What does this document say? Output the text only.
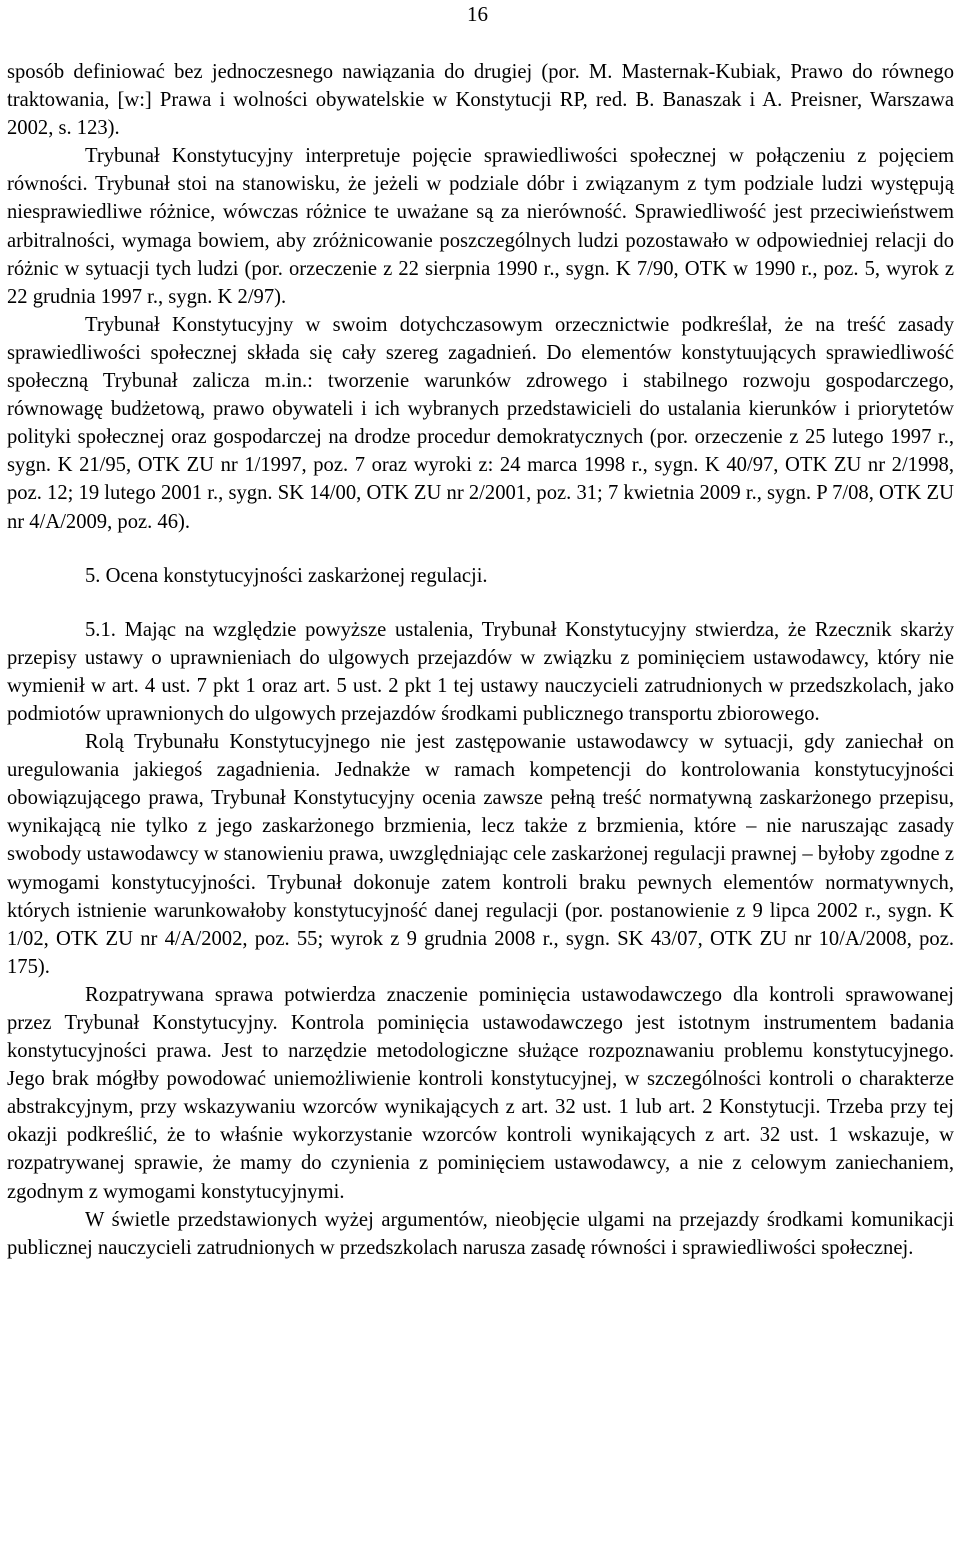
16

sposób definiować bez jednoczesnego nawiązania do drugiej (por. M. Masternak-Kubiak, Prawo do równego traktowania, [w:] Prawa i wolności obywatelskie w Konstytucji RP, red. B. Banaszak i A. Preisner, Warszawa 2002, s. 123).

Trybunał Konstytucyjny interpretuje pojęcie sprawiedliwości społecznej w połączeniu z pojęciem równości. Trybunał stoi na stanowisku, że jeżeli w podziale dóbr i związanym z tym podziale ludzi występują niesprawiedliwe różnice, wówczas różnice te uważane są za nierówność. Sprawiedliwość jest przeciwieństwem arbitralności, wymaga bowiem, aby zróżnicowanie poszczególnych ludzi pozostawało w odpowiedniej relacji do różnic w sytuacji tych ludzi (por. orzeczenie z 22 sierpnia 1990 r., sygn. K 7/90, OTK w 1990 r., poz. 5, wyrok z 22 grudnia 1997 r., sygn. K 2/97).

Trybunał Konstytucyjny w swoim dotychczasowym orzecznictwie podkreślał, że na treść zasady sprawiedliwości społecznej składa się cały szereg zagadnień. Do elementów konstytuujących sprawiedliwość społeczną Trybunał zalicza m.in.: tworzenie warunków zdrowego i stabilnego rozwoju gospodarczego, równowagę budżetową, prawo obywateli i ich wybranych przedstawicieli do ustalania kierunków i priorytetów polityki społecznej oraz gospodarczej na drodze procedur demokratycznych (por. orzeczenie z 25 lutego 1997 r., sygn. K 21/95, OTK ZU nr 1/1997, poz. 7 oraz wyroki z: 24 marca 1998 r., sygn. K 40/97, OTK ZU nr 2/1998, poz. 12; 19 lutego 2001 r., sygn. SK 14/00, OTK ZU nr 2/2001, poz. 31; 7 kwietnia 2009 r., sygn. P 7/08, OTK ZU nr 4/A/2009, poz. 46).

5. Ocena konstytucyjności zaskarżonej regulacji.

5.1. Mając na względzie powyższe ustalenia, Trybunał Konstytucyjny stwierdza, że Rzecznik skarży przepisy ustawy o uprawnieniach do ulgowych przejazdów w związku z pominięciem ustawodawcy, który nie wymienił w art. 4 ust. 7 pkt 1 oraz art. 5 ust. 2 pkt 1 tej ustawy nauczycieli zatrudnionych w przedszkolach, jako podmiotów uprawnionych do ulgowych przejazdów środkami publicznego transportu zbiorowego.

Rolą Trybunału Konstytucyjnego nie jest zastępowanie ustawodawcy w sytuacji, gdy zaniechał on uregulowania jakiegoś zagadnienia. Jednakże w ramach kompetencji do kontrolowania konstytucyjności obowiązującego prawa, Trybunał Konstytucyjny ocenia zawsze pełną treść normatywną zaskarżonego przepisu, wynikającą nie tylko z jego zaskarżonego brzmienia, lecz także z brzmienia, które – nie naruszając zasady swobody ustawodawcy w stanowieniu prawa, uwzględniając cele zaskarżonej regulacji prawnej – byłoby zgodne z wymogami konstytucyjności. Trybunał dokonuje zatem kontroli braku pewnych elementów normatywnych, których istnienie warunkowałoby konstytucyjność danej regulacji (por. postanowienie z 9 lipca 2002 r., sygn. K 1/02, OTK ZU nr 4/A/2002, poz. 55; wyrok z 9 grudnia 2008 r., sygn. SK 43/07, OTK ZU nr 10/A/2008, poz. 175).

Rozpatrywana sprawa potwierdza znaczenie pominięcia ustawodawczego dla kontroli sprawowanej przez Trybunał Konstytucyjny. Kontrola pominięcia ustawodawczego jest istotnym instrumentem badania konstytucyjności prawa. Jest to narzędzie metodologiczne służące rozpoznawaniu problemu konstytucyjnego. Jego brak mógłby powodować uniemożliwienie kontroli konstytucyjnej, w szczególności kontroli o charakterze abstrakcyjnym, przy wskazywaniu wzorców wynikających z art. 32 ust. 1 lub art. 2 Konstytucji. Trzeba przy tej okazji podkreślić, że to właśnie wykorzystanie wzorców kontroli wynikających z art. 32 ust. 1 wskazuje, w rozpatrywanej sprawie, że mamy do czynienia z pominięciem ustawodawcy, a nie z celowym zaniechaniem, zgodnym z wymogami konstytucyjnymi.

W świetle przedstawionych wyżej argumentów, nieobjęcie ulgami na przejazdy środkami komunikacji publicznej nauczycieli zatrudnionych w przedszkolach narusza zasadę równości i sprawiedliwości społecznej.
